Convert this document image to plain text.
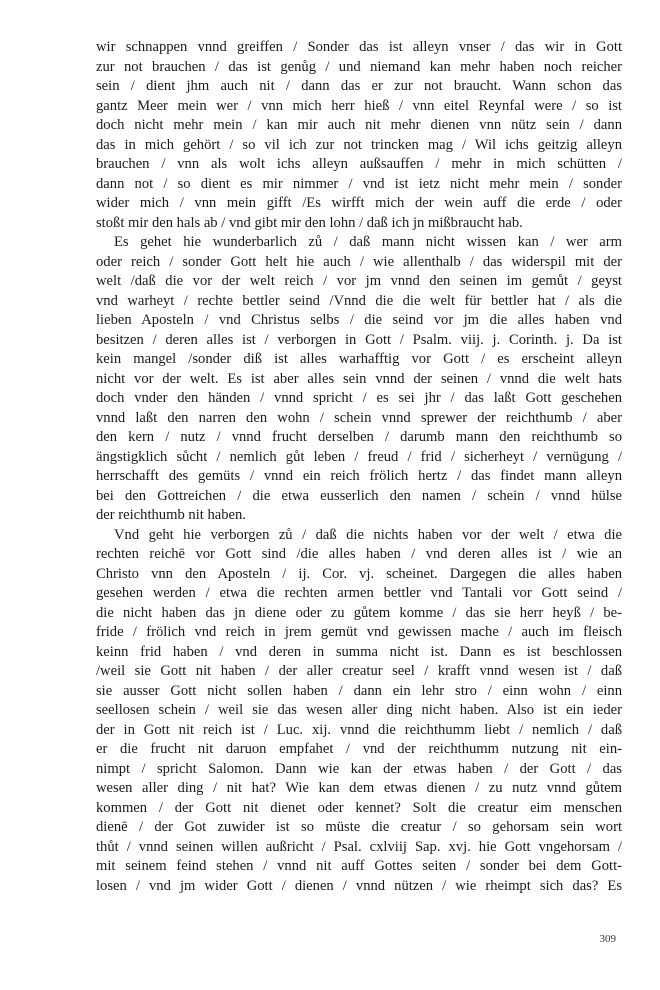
wir schnappen vnnd greiffen / Sonder das ist alleyn vnser / das wir in Gott
zur not brauchen / das ist genůg / und niemand kan mehr haben noch reicher
sein / dient jhm auch nit / dann das er zur not braucht. Wann schon das
gantz Meer mein wer / vnn mich herr hieß / vnn eitel Reynfal were / so ist
doch nicht mehr mein / kan mir auch nit mehr dienen vnn nütz sein / dann
das in mich gehört / so vil ich zur not trincken mag / Wil ichs geitzig alleyn
brauchen / vnn als wolt ichs alleyn außsauffen / mehr in mich schütten /
dann not / so dient es mir nimmer / vnd ist ietz nicht mehr mein / sonder
wider mich / vnn mein gifft /Es wirfft mich der wein auff die erde / oder
stoßt mir den hals ab / vnd gibt mir den lohn / daß ich jn mißbraucht hab.
Es gehet hie wunderbarlich zů / daß mann nicht wissen kan / wer arm
oder reich / sonder Gott helt hie auch / wie allenthalb / das widerspil mit der
welt /daß die vor der welt reich / vor jm vnnd den seinen im gemůt / geyst
vnd warheyt / rechte bettler seind /Vnnd die die welt für bettler hat / als die
lieben Aposteln / vnd Christus selbs / die seind vor jm die alles haben vnd
besitzen / deren alles ist / verborgen in Gott / Psalm. viij. j. Corinth. j. Da ist
kein mangel /sonder diß ist alles warhafftig vor Gott / es erscheint alleyn
nicht vor der welt. Es ist aber alles sein vnnd der seinen / vnnd die welt hats
doch vnder den händen / vnnd spricht / es sei jhr / das laßt Gott geschehen
vnnd laßt den narren den wohn / schein vnnd sprewer der reichthumb / aber
den kern / nutz / vnnd frucht derselben / darumb mann den reichthumb so
ängstigklich sůcht / nemlich gůt leben / freud / frid / sicherheyt / vernügung /
herrschafft des gemüts / vnnd ein reich frölich hertz / das findet mann alleyn
bei den Gottreichen / die etwa eusserlich den namen / schein / vnnd hülse
der reichthumb nit haben.
Vnd geht hie verborgen zů / daß die nichts haben vor der welt / etwa die
rechten reichē vor Gott sind /die alles haben / vnd deren alles ist / wie an
Christo vnn den Aposteln / ij. Cor. vj. scheinet. Dargegen die alles haben
gesehen werden / etwa die rechten armen bettler vnd Tantali vor Gott seind /
die nicht haben das jn diene oder zu gůtem komme / das sie herr heyß / be-
fride / frölich vnd reich in jrem gemüt vnd gewissen mache / auch im fleisch
keinn frid haben / vnd deren in summa nicht ist. Dann es ist beschlossen
/weil sie Gott nit haben / der aller creatur seel / krafft vnnd wesen ist / daß
sie ausser Gott nicht sollen haben / dann ein lehr stro / einn wohn / einn
seellosen schein / weil sie das wesen aller ding nicht haben. Also ist ein ieder
der in Gott nit reich ist / Luc. xij. vnnd die reichthumm liebt / nemlich / daß
er die frucht nit daruon empfahet / vnd der reichthumm nutzung nit ein-
nimpt / spricht Salomon. Dann wie kan der etwas haben / der Gott / das
wesen aller ding / nit hat? Wie kan dem etwas dienen / zu nutz vnnd gůtem
kommen / der Gott nit dienet oder kennet? Solt die creatur eim menschen
dienē / der Got zuwider ist so müste die creatur / so gehorsam sein wort
thůt / vnnd seinen willen außricht / Psal. cxlviij Sap. xvj. hie Gott vngehorsam /
mit seinem feind stehen / vnnd nit auff Gottes seiten / sonder bei dem Gott-
losen / vnd jm wider Gott / dienen / vnnd nützen / wie rheimpt sich das? Es
309
